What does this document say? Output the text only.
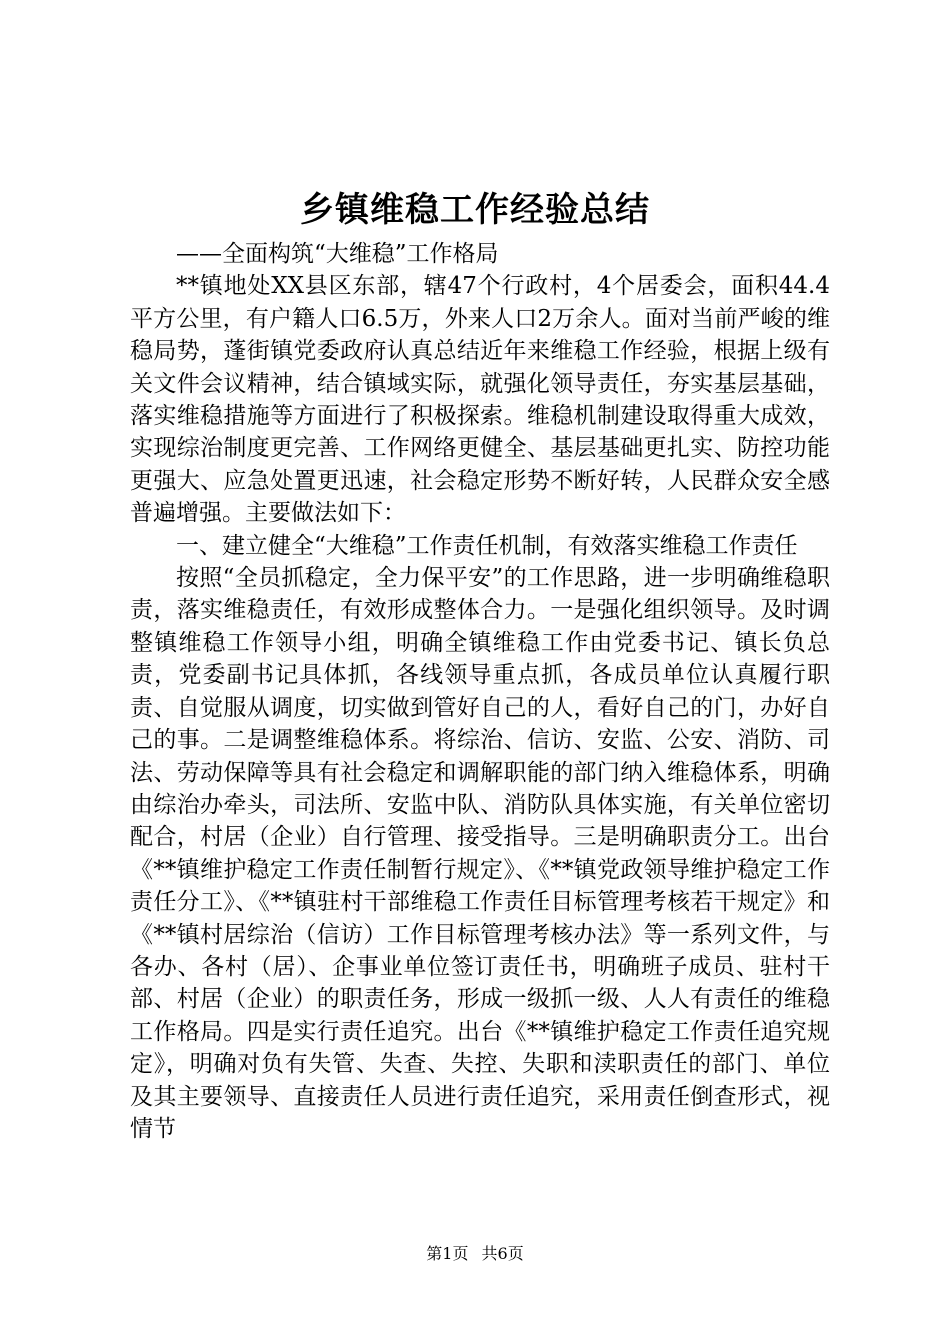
乡镇维稳工作经验总结

——全面构筑“大维稳”工作格局

**镇地处XX县区东部，辖47个行政村，4个居委会，面积44.4平方公里，有户籍人口6.5万，外来人口2万余人。面对当前严峻的维稳局势，蓬街镇党委政府认真总结近年来维稳工作经验，根据上级有关文件会议精神，结合镇域实际，就强化领导责任，夯实基层基础，落实维稳措施等方面进行了积极探索。维稳机制建设取得重大成效，实现综治制度更完善、工作网络更健全、基层基础更扎实、防控功能更强大、应急处置更迅速，社会稳定形势不断好转，人民群众安全感普遍增强。主要做法如下：

一、建立健全“大维稳”工作责任机制，有效落实维稳工作责任

按照“全员抓稳定，全力保平安”的工作思路，进一步明确维稳职责，落实维稳责任，有效形成整体合力。一是强化组织领导。及时调整镇维稳工作领导小组，明确全镇维稳工作由党委书记、镇长负总责，党委副书记具体抓，各线领导重点抓，各成员单位认真履行职责、自觉服从调度，切实做到管好自己的人，看好自己的门，办好自己的事。二是调整维稳体系。将综治、信访、安监、公安、消防、司法、劳动保障等具有社会稳定和调解职能的部门纳入维稳体系，明确由综治办牵头，司法所、安监中队、消防队具体实施，有关单位密切配合，村居（企业）自行管理、接受指导。三是明确职责分工。出台《**镇维护稳定工作责任制暂行规定》、《**镇党政领导维护稳定工作责任分工》、《**镇驻村干部维稳工作责任目标管理考核若干规定》和《**镇村居综治（信访）工作目标管理考核办法》等一系列文件，与各办、各村（居）、企事业单位签订责任书，明确班子成员、驻村干部、村居（企业）的职责任务，形成一级抓一级、人人有责任的维稳工作格局。四是实行责任追究。出台《**镇维护稳定工作责任追究规定》，明确对负有失管、失查、失控、失职和渎职责任的部门、单位及其主要领导、直接责任人员进行责任追究，采用责任倒查形式，视情节

第1页 共6页
